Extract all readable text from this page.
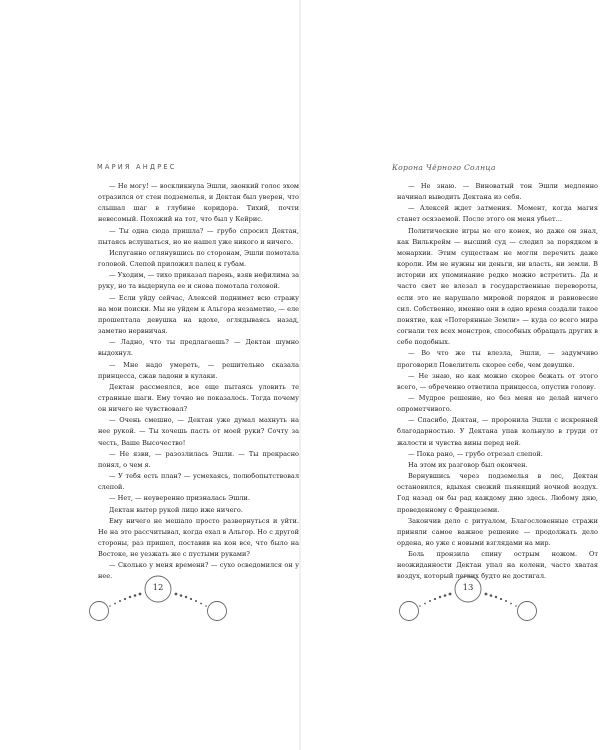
МАРИЯ АНДРЕС

— Не могу! — воскликнула Эшли, звонкий голос эхом отразился от стен подземелья, и Дектан был уверен, что слышал шаг в глубине коридора. Тихий, почти невесомый. Похожий на тот, что был у Кейрис.

— Ты одна сюда пришла? — грубо спросил Дектан, пытаясь вслушаться, но не нашел уже никого и ничего.

Испуганно оглянувшись по сторонам, Эшли помотала головой. Слепой приложил палец к губам.

— Уходим, — тихо приказал парень, взяв нефилима за руку, но та выдернула ее и снова помотала головой.

— Если уйду сейчас, Алексей поднимет всю стражу на мои поиски. Мы не уйдем к Альгора незаметно, — еле прошептала девушка на вдохе, оглядываясь назад, заметно нервничая.

— Ладно, что ты предлагаешь? — Дектан шумно выдохнул.

— Мне надо умереть, — решительно сказала принцесса, сжав ладони в кулаки.

Дектан рассмеялся, все еще пытаясь уловить те странные шаги. Ему точно не показалось. Тогда почему он ничего не чувствовал?

— Очень смешно, — Дектан уже думал махнуть на нее рукой. — Ты хочешь пасть от моей руки? Сочту за честь, Ваше Высочество!

— Не язви, — разозлилась Эшли. — Ты прекрасно понял, о чем я.

— У тебя есть план? — усмехаясь, полюбопытствовал слепой.

— Нет, — неуверенно призналась Эшли.

Дектан вытер рукой лицо иже ничего.

Ему ничего не мешало просто развернуться и уйти. Не на это рассчитывал, когда ехал в Альгор. Но с другой стороны, раз пришел, поставив на кон все, что было на Востоке, не уезжать же с пустыми руками?

— Сколько у меня времени? — сухо осведомился он у нее.

12
Корона Чёрного Солнца

— Не знаю. — Виноватый тон Эшли медленно начинал выводить Дектана из себя.

— Алексей ждет затмения. Момент, когда магия станет осязаемой. После этого он меня убьет...

Политические игры не его конек, но даже он знал, как Вилькрейм — высший суд — следил за порядком в монархии. Этим существам не могли перечить даже короли. Им не нужны ни деньги, ни власть, ни земли. В истории их упоминание редко можно встретить. Да и часто свет не влезал в государственные перевороты, если это не нарушало мировой порядок и равновесие сил. Собственно, именно они в одно время создали такое понятие, как «Потерянные Земли» — куда со всего мира согнали тех всех монстров, способных обращать других в себе подобных.

— Во что же ты влезла, Эшли, — задумчиво проговорил Повелитель скорее себе, чем девушке.

— Не знаю, но как можно скорее бежать от этого всего, — обреченно ответила принцесса, опустив голову.

— Мудрое решение, но без меня не делай ничего опрометчивого.

— Спасибо, Дектан, — проронила Эшли с искренней благодарностью. У Дектана упав кольнуло в груди от жалости и чувства вины перед ней.

— Пока рано, — грубо отрезал слепой.

На этом их разговор был окончен.

Вернувшись через подземелья в лес, Дектан остановился, вдыхая свежий пьянящий ночной воздух. Год назад он бы рад каждому дню здесь. Любому дню, проведенному с Францеземи.

Закончив дело с ритуалом, Благословенные стражи приняли самое важное решение — продолжать дело ордена, но уже с новыми взглядами на мир.

Боль пронзила спину острым ножом. От неожиданности Дектан упал на колени, часто хватая воздух, который легких будто не достигал.

13
